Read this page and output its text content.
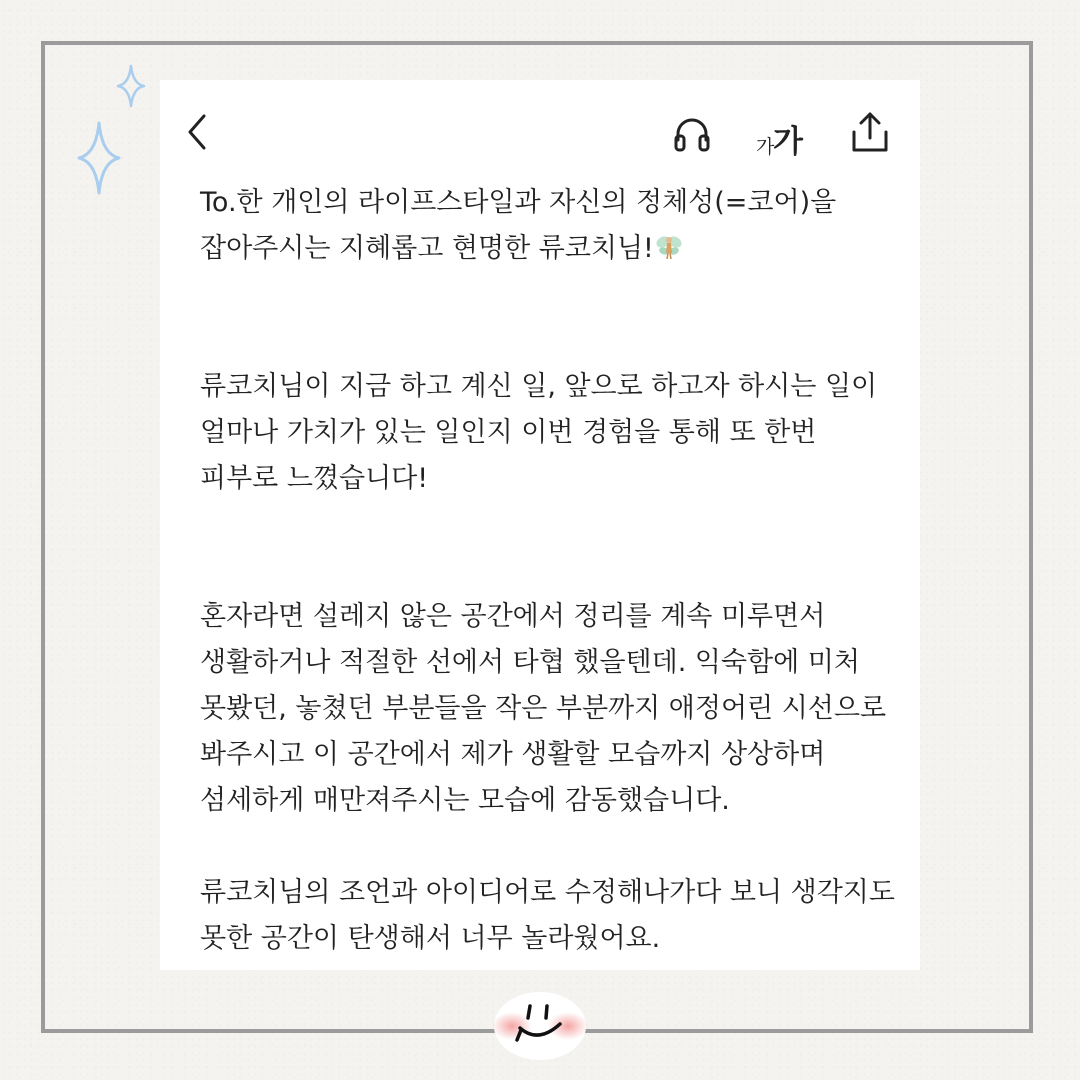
가
가

To.한 개인의 라이프스타일과 자신의 정체성(=코어)을 잡아주시는 지혜롭고 현명한 류코치님!

류코치님이 지금 하고 계신 일, 앞으로 하고자 하시는 일이 얼마나 가치가 있는 일인지 이번 경험을 통해 또 한번 피부로 느꼈습니다!

혼자라면 설레지 않은 공간에서 정리를 계속 미루면서 생활하거나 적절한 선에서 타협 했을텐데. 익숙함에 미처 못봤던, 놓쳤던 부분들을 작은 부분까지 애정어린 시선으로 봐주시고 이 공간에서 제가 생활할 모습까지 상상하며 섬세하게 매만져주시는 모습에 감동했습니다.

류코치님의 조언과 아이디어로 수정해나가다 보니 생각지도 못한 공간이 탄생해서 너무 놀라웠어요.
